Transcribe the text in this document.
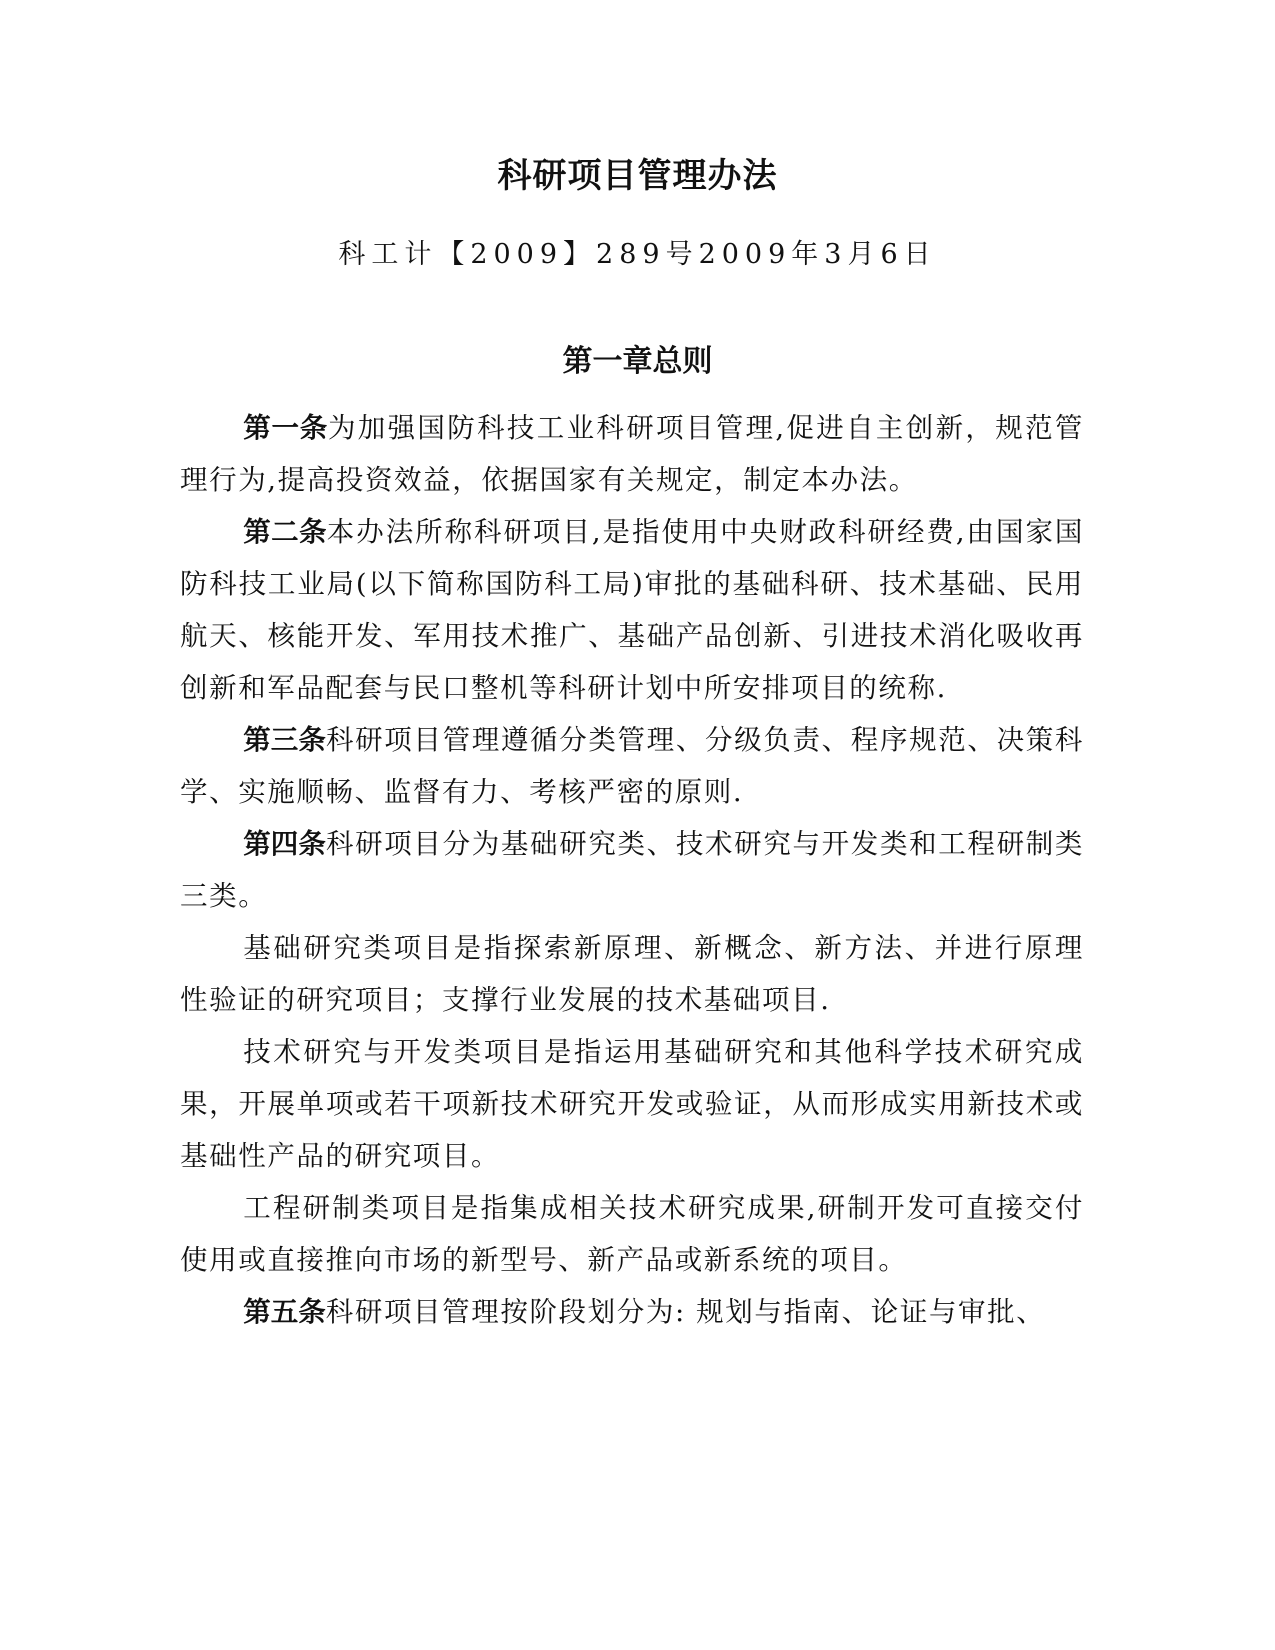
科研项目管理办法
科工计【2009】289号2009年3月6日
第一章总则

第一条为加强国防科技工业科研项目管理,促进自主创新，规范管理行为,提高投资效益，依据国家有关规定，制定本办法。

第二条本办法所称科研项目,是指使用中央财政科研经费,由国家国防科技工业局(以下简称国防科工局)审批的基础科研、技术基础、民用航天、核能开发、军用技术推广、基础产品创新、引进技术消化吸收再创新和军品配套与民口整机等科研计划中所安排项目的统称.

第三条科研项目管理遵循分类管理、分级负责、程序规范、决策科学、实施顺畅、监督有力、考核严密的原则.

第四条科研项目分为基础研究类、技术研究与开发类和工程研制类三类。

基础研究类项目是指探索新原理、新概念、新方法、并进行原理性验证的研究项目；支撑行业发展的技术基础项目.

技术研究与开发类项目是指运用基础研究和其他科学技术研究成果，开展单项或若干项新技术研究开发或验证，从而形成实用新技术或基础性产品的研究项目。

工程研制类项目是指集成相关技术研究成果,研制开发可直接交付使用或直接推向市场的新型号、新产品或新系统的项目。

第五条科研项目管理按阶段划分为: 规划与指南、论证与审批、
